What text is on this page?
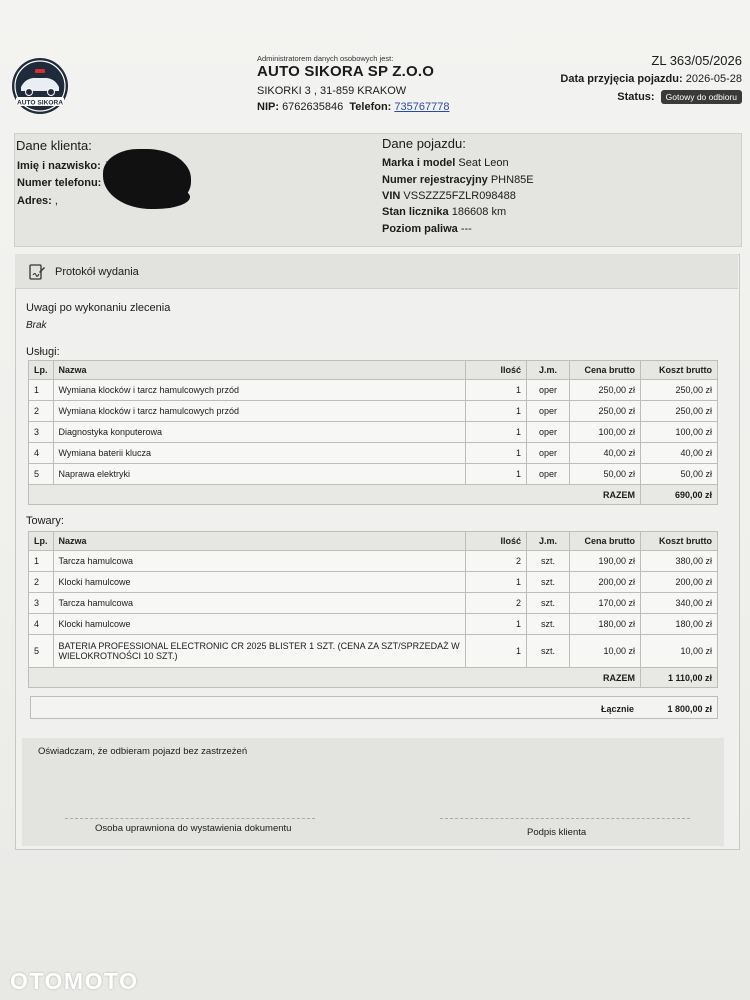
AUTO SIKORA
Administratorem danych osobowych jest:
AUTO SIKORA SP Z.O.O
SIKORKI 3 , 31-859 KRAKOW
NIP: 6762635846 Telefon: 735767778
ZL 363/05/2026
Data przyjęcia pojazdu: 2026-05-28
Status: Gotowy do odbioru
Dane klienta:
Imię i nazwisko:
Numer telefonu:
Adres: ,
Dane pojazdu:
Marka i model Seat Leon
Numer rejestracyjny PHN85E
VIN VSSZZZ5FZLR098488
Stan licznika 186608 km
Poziom paliwa ---
Protokół wydania
Uwagi po wykonaniu zlecenia
Brak
Usługi:
Lp.	Nazwa	Ilość	J.m.	Cena brutto	Koszt brutto
1	Wymiana klocków i tarcz hamulcowych przód	1	oper	250,00 zł	250,00 zł
2	Wymiana klocków i tarcz hamulcowych przód	1	oper	250,00 zł	250,00 zł
3	Diagnostyka konputerowa	1	oper	100,00 zł	100,00 zł
4	Wymiana baterii klucza	1	oper	40,00 zł	40,00 zł
5	Naprawa elektryki	1	oper	50,00 zł	50,00 zł
RAZEM					690,00 zł
Towary:
Lp.	Nazwa	Ilość	J.m.	Cena brutto	Koszt brutto
1	Tarcza hamulcowa	2	szt.	190,00 zł	380,00 zł
2	Klocki hamulcowe	1	szt.	200,00 zł	200,00 zł
3	Tarcza hamulcowa	2	szt.	170,00 zł	340,00 zł
4	Klocki hamulcowe	1	szt.	180,00 zł	180,00 zł
5	BATERIA PROFESSIONAL ELECTRONIC CR 2025 BLISTER 1 SZT. (CENA ZA SZT/SPRZEDAŻ W WIELOKROTNOŚCI 10 SZT.)	1	szt.	10,00 zł	10,00 zł
RAZEM					1 110,00 zł
Łącznie	1 800,00 zł
Oświadczam, że odbieram pojazd bez zastrzeżeń
Osoba uprawniona do wystawienia dokumentu	Podpis klienta
OTOMOTO
